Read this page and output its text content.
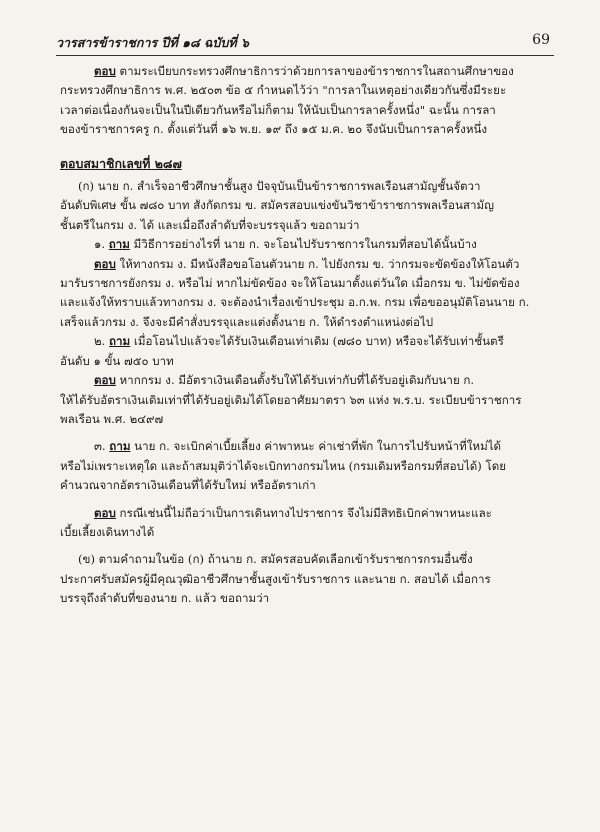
วารสารข้าราชการ ปีที่ ๑๘ ฉบับที่ ๖	69

ตอบ ตามระเบียบกระทรวงศึกษาธิการว่าด้วยการลาของข้าราชการในสถานศึกษาของ

กระทรวงศึกษาธิการ พ.ศ. ๒๕๐๓ ข้อ ๕ กำหนดไว้ว่า "การลาในเหตุอย่างเดียวกันซึ่งมีระยะ

เวลาต่อเนื่องกันจะเป็นในปีเดียวกันหรือไม่ก็ตาม ให้นับเป็นการลาครั้งหนึ่ง" ฉะนั้น การลา

ของข้าราชการครู ก. ตั้งแต่วันที่ ๑๖ พ.ย. ๑๙ ถึง ๑๕ ม.ค. ๒๐ จึงนับเป็นการลาครั้งหนึ่ง

ตอบสมาชิกเลขที่ ๒๘๗

(ก) นาย ก. สำเร็จอาชีวศึกษาชั้นสูง ปัจจุบันเป็นข้าราชการพลเรือนสามัญชั้นจัตวา

อันดับพิเศษ ขั้น ๗๘๐ บาท สังกัดกรม ข. สมัครสอบแข่งขันวิชาข้าราชการพลเรือนสามัญ

ชั้นตรีในกรม ง. ได้ และเมื่อถึงลำดับที่จะบรรจุแล้ว ขอถามว่า

๑. ถาม มีวิธีการอย่างไรที่ นาย ก. จะโอนไปรับราชการในกรมที่สอบได้นั้นบ้าง

ตอบ ให้ทางกรม ง. มีหนังสือขอโอนตัวนาย ก. ไปยังกรม ข. ว่ากรมจะขัดข้องให้โอนตัว

มารับราชการยังกรม ง. หรือไม่ หากไม่ขัดข้อง จะให้โอนมาตั้งแต่วันใด เมื่อกรม ข. ไม่ขัดข้อง

และแจ้งให้ทราบแล้วทางกรม ง. จะต้องนำเรื่องเข้าประชุม อ.ก.พ. กรม เพื่อขออนุมัติโอนนาย ก.

เสร็จแล้วกรม ง. จึงจะมีคำสั่งบรรจุและแต่งตั้งนาย ก. ให้ดำรงตำแหน่งต่อไป

๒. ถาม เมื่อโอนไปแล้วจะได้รับเงินเดือนเท่าเดิม (๗๘๐ บาท) หรือจะได้รับเท่าชั้นตรี

อันดับ ๑ ขั้น ๗๕๐ บาท

ตอบ หากกรม ง. มีอัตราเงินเดือนตั้งรับให้ได้รับเท่ากับที่ได้รับอยู่เดิมกับนาย ก.

ให้ได้รับอัตราเงินเดิมเท่าที่ได้รับอยู่เดิมได้โดยอาศัยมาตรา ๖๓ แห่ง พ.ร.บ. ระเบียบข้าราชการ

พลเรือน พ.ศ. ๒๔๙๗

๓. ถาม นาย ก. จะเบิกค่าเบี้ยเลี้ยง ค่าพาหนะ ค่าเช่าที่พัก ในการไปรับหน้าที่ใหม่ได้

หรือไม่เพราะเหตุใด และถ้าสมมุติว่าได้จะเบิกทางกรมไหน (กรมเดิมหรือกรมที่สอบได้) โดย

คำนวณจากอัตราเงินเดือนที่ได้รับใหม่ หรืออัตราเก่า

ตอบ กรณีเช่นนี้ไม่ถือว่าเป็นการเดินทางไปราชการ จึงไม่มีสิทธิเบิกค่าพาหนะและ

เบี้ยเลี้ยงเดินทางได้

(ข) ตามคำถามในข้อ (ก) ถ้านาย ก. สมัครสอบคัดเลือกเข้ารับราชการกรมอื่นซึ่ง

ประกาศรับสมัครผู้มีคุณวุฒิอาชีวศึกษาชั้นสูงเข้ารับราชการ และนาย ก. สอบได้ เมื่อการ

บรรจุถึงลำดับที่ของนาย ก. แล้ว ขอถามว่า
